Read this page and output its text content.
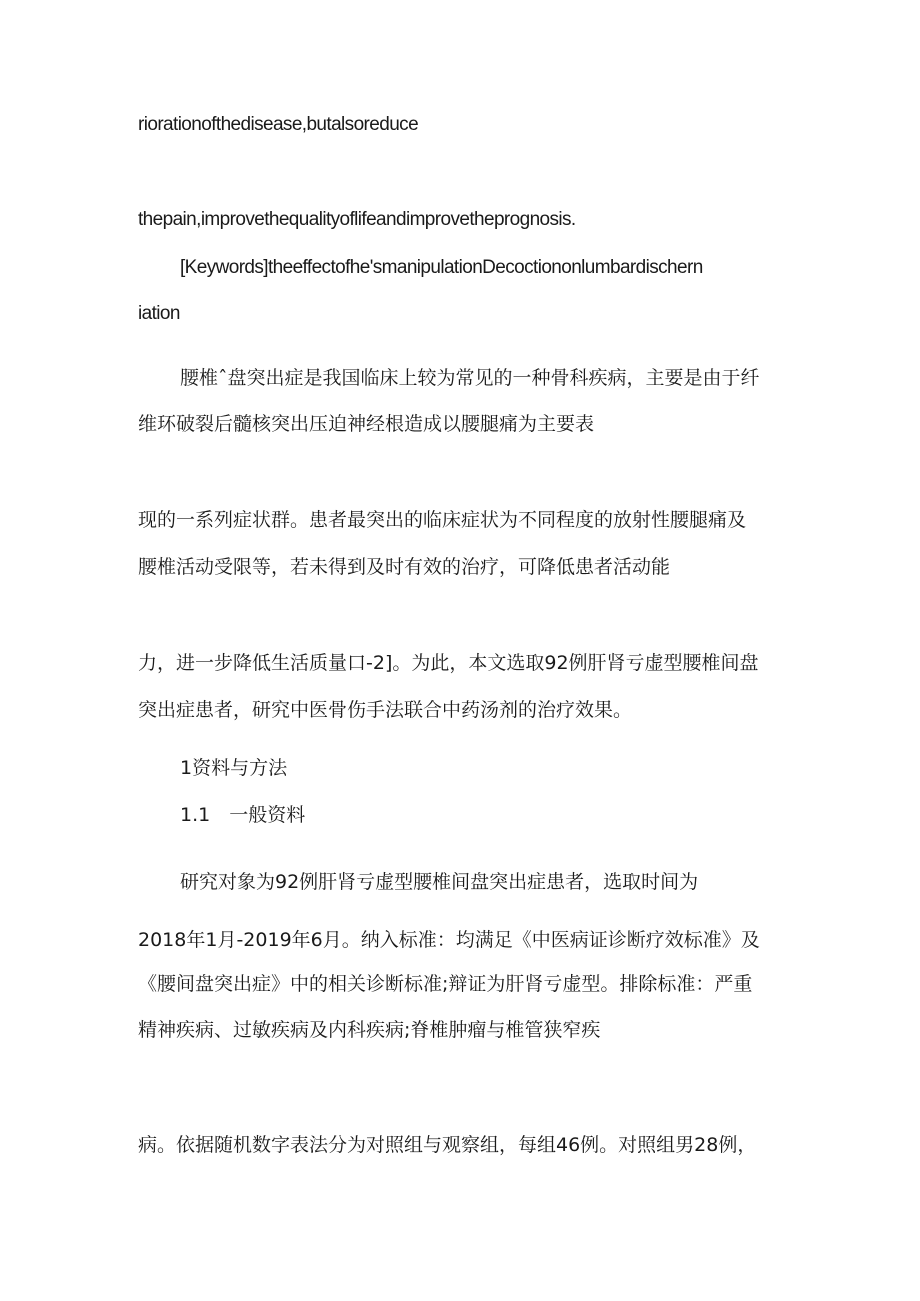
riorationofthedisease,butalsoreduce
thepain,improvethequalityoflifeandimprovetheprognosis.
[Keywords]theeffectofhe'smanipulationDecoctiononlumbardischern
iation
腰椎ˆ盘突出症是我国临床上较为常见的一种骨科疾病，主要是由于纤
维环破裂后髓核突出压迫神经根造成以腰腿痛为主要表
现的一系列症状群。患者最突出的临床症状为不同程度的放射性腰腿痛及
腰椎活动受限等，若未得到及时有效的治疗，可降低患者活动能
力，进一步降低生活质量口-2]。为此，本文选取92例肝肾亏虚型腰椎间盘
突出症患者，研究中医骨伤手法联合中药汤剂的治疗效果。
1资料与方法
1.1　一般资料
研究对象为92例肝肾亏虚型腰椎间盘突出症患者，选取时间为
2018年1月-2019年6月。纳入标准：均满足《中医病证诊断疗效标准》及
《腰间盘突出症》中的相关诊断标准;辩证为肝肾亏虚型。排除标准：严重
精神疾病、过敏疾病及内科疾病;脊椎肿瘤与椎管狭窄疾
病。依据随机数字表法分为对照组与观察组，每组46例。对照组男28例，
